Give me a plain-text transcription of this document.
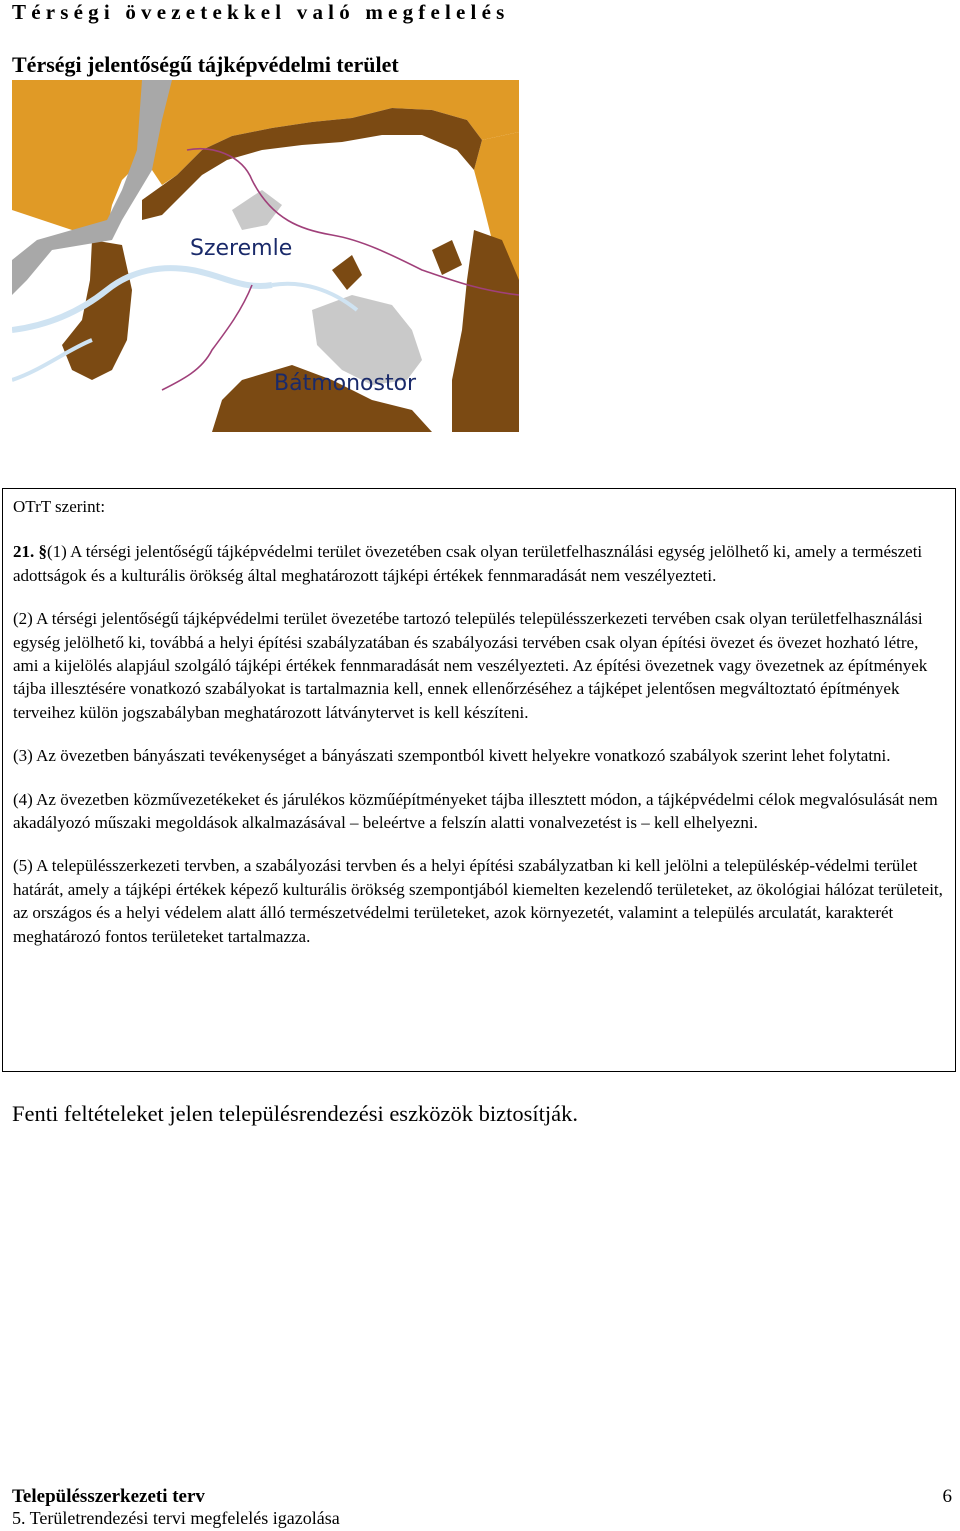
Térségi övezetekkel való megfelelés
Térségi jelentőségű tájképvédelmi terület
Szeremle
Bátmonostor

OTrT szerint:

21. §(1) A térségi jelentőségű tájképvédelmi terület övezetében csak olyan területfelhasználási egység jelölhető ki, amely a természeti adottságok és a kulturális örökség által meghatározott tájképi értékek fennmaradását nem veszélyezteti.

(2) A térségi jelentőségű tájképvédelmi terület övezetébe tartozó település településszerkezeti tervében csak olyan területfelhasználási egység jelölhető ki, továbbá a helyi építési szabályzatában és szabályozási tervében csak olyan építési övezet és övezet hozható létre, ami a kijelölés alapjául szolgáló tájképi értékek fennmaradását nem veszélyezteti. Az építési övezetnek vagy övezetnek az építmények tájba illesztésére vonatkozó szabályokat is tartalmaznia kell, ennek ellenőrzéséhez a tájképet jelentősen megváltoztató építmények terveihez külön jogszabályban meghatározott látványtervet is kell készíteni.

(3) Az övezetben bányászati tevékenységet a bányászati szempontból kivett helyekre vonatkozó szabályok szerint lehet folytatni.

(4) Az övezetben közművezetékeket és járulékos közműépítményeket tájba illesztett módon, a tájképvédelmi célok megvalósulását nem akadályozó műszaki megoldások alkalmazásával – beleértve a felszín alatti vonalvezetést is – kell elhelyezni.

(5) A településszerkezeti tervben, a szabályozási tervben és a helyi építési szabályzatban ki kell jelölni a településkép-védelmi terület határát, amely a tájképi értékek képező kulturális örökség szempontjából kiemelten kezelendő területeket, az ökológiai hálózat területeit, az országos és a helyi védelem alatt álló természetvédelmi területeket, azok környezetét, valamint a település arculatát, karakterét meghatározó fontos területeket tartalmazza.

Fenti feltételeket jelen településrendezési eszközök biztosítják.
Településszerkezeti terv
5. Területrendezési tervi megfelelés igazolása
6
